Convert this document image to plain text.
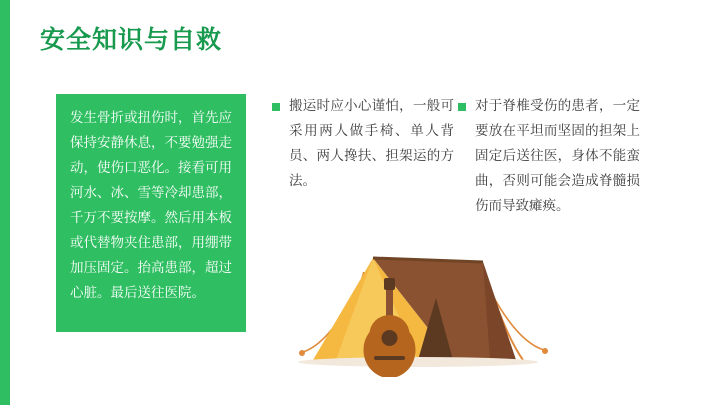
安全知识与自救

发生骨折或扭伤时，首先应保持安静休息，不要勉强走动，使伤口恶化。接看可用河水、冰、雪等冷却患部，千万不要按摩。然后用本板或代替物夹住患部，用绷带加压固定。抬高患部，超过心脏。最后送往医院。

搬运时应小心谨怕，一般可采用两人做手椅、单人背员、两人搀扶、担架运的方法。
对于脊椎受伤的患者，一定要放在平坦而坚固的担架上固定后送往医，身体不能蛮曲，否则可能会造成脊髓损伤而导致瘫痪。
